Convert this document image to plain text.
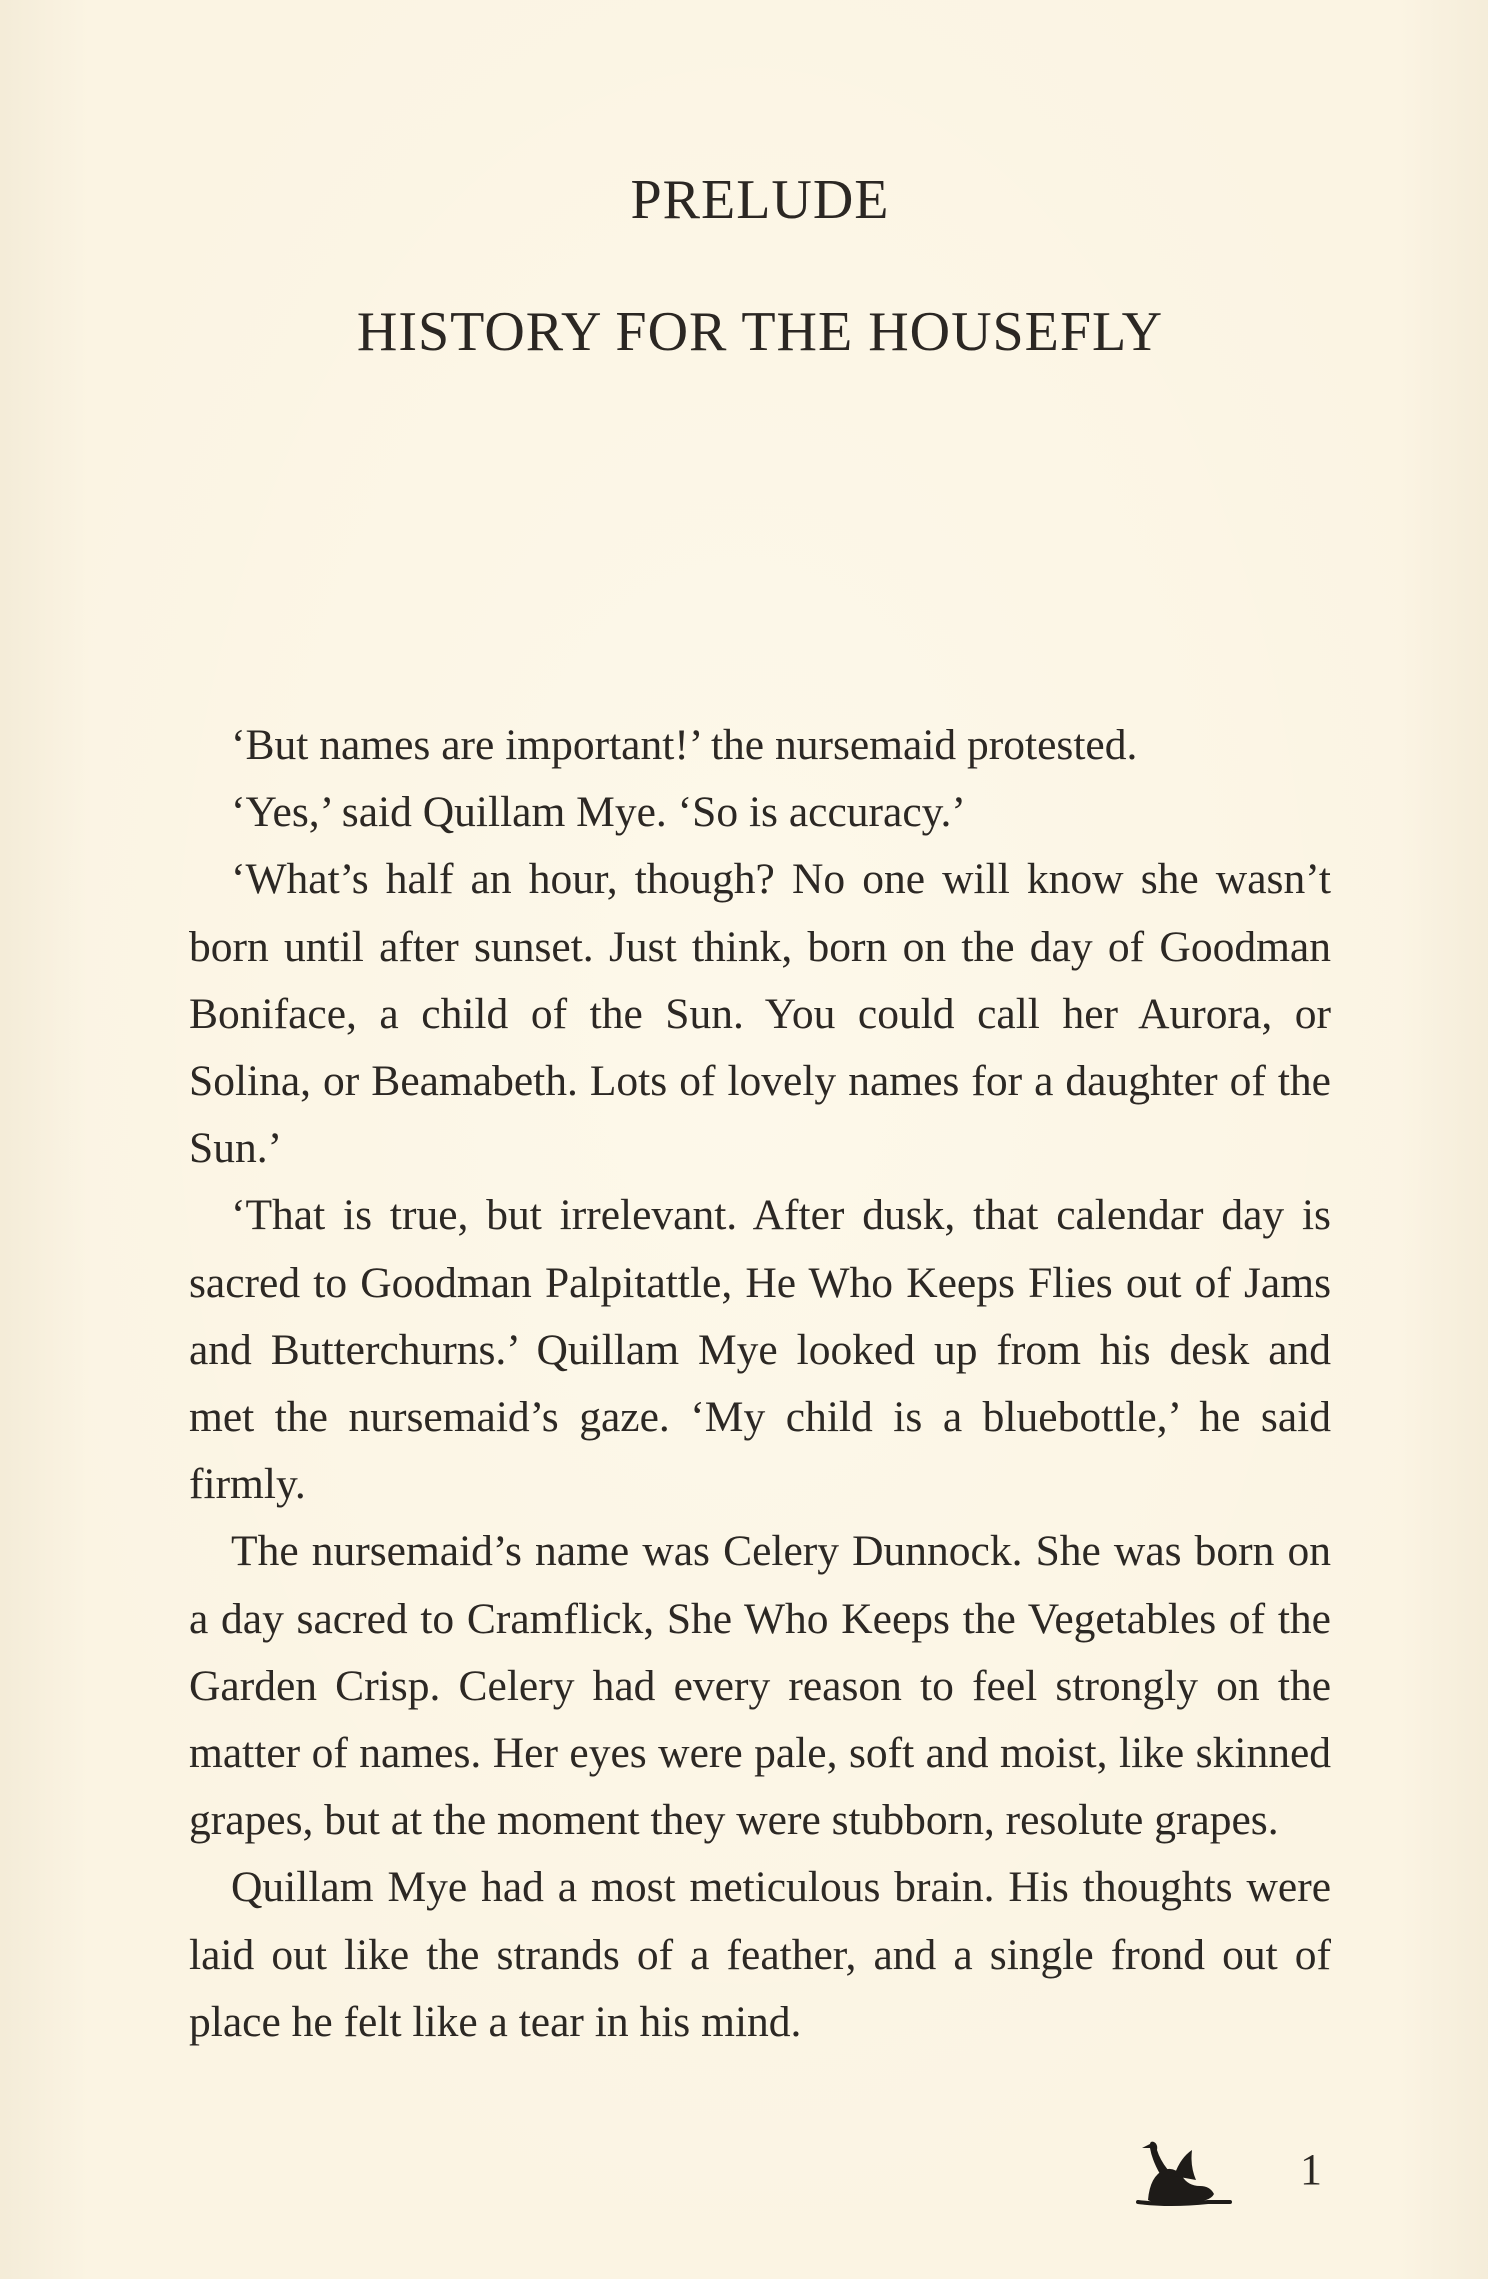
PRELUDE
HISTORY FOR THE HOUSEFLY

‘But names are important!’ the nursemaid protested.

‘Yes,’ said Quillam Mye. ‘So is accuracy.’

‘What’s half an hour, though? No one will know she wasn’t born until after sunset. Just think, born on the day of Goodman Boniface, a child of the Sun. You could call her Aurora, or Solina, or Beamabeth. Lots of lovely names for a daughter of the Sun.’

‘That is true, but irrelevant. After dusk, that calendar day is sacred to Goodman Palpitattle, He Who Keeps Flies out of Jams and Butterchurns.’ Quillam Mye looked up from his desk and met the nursemaid’s gaze. ‘My child is a bluebottle,’ he said firmly.

The nursemaid’s name was Celery Dunnock. She was born on a day sacred to Cramflick, She Who Keeps the Vegetables of the Garden Crisp. Celery had every reason to feel strongly on the matter of names. Her eyes were pale, soft and moist, like skinned grapes, but at the moment they were stubborn, resolute grapes.

Quillam Mye had a most meticulous brain. His thoughts were laid out like the strands of a feather, and a single frond out of place he felt like a tear in his mind.

1
